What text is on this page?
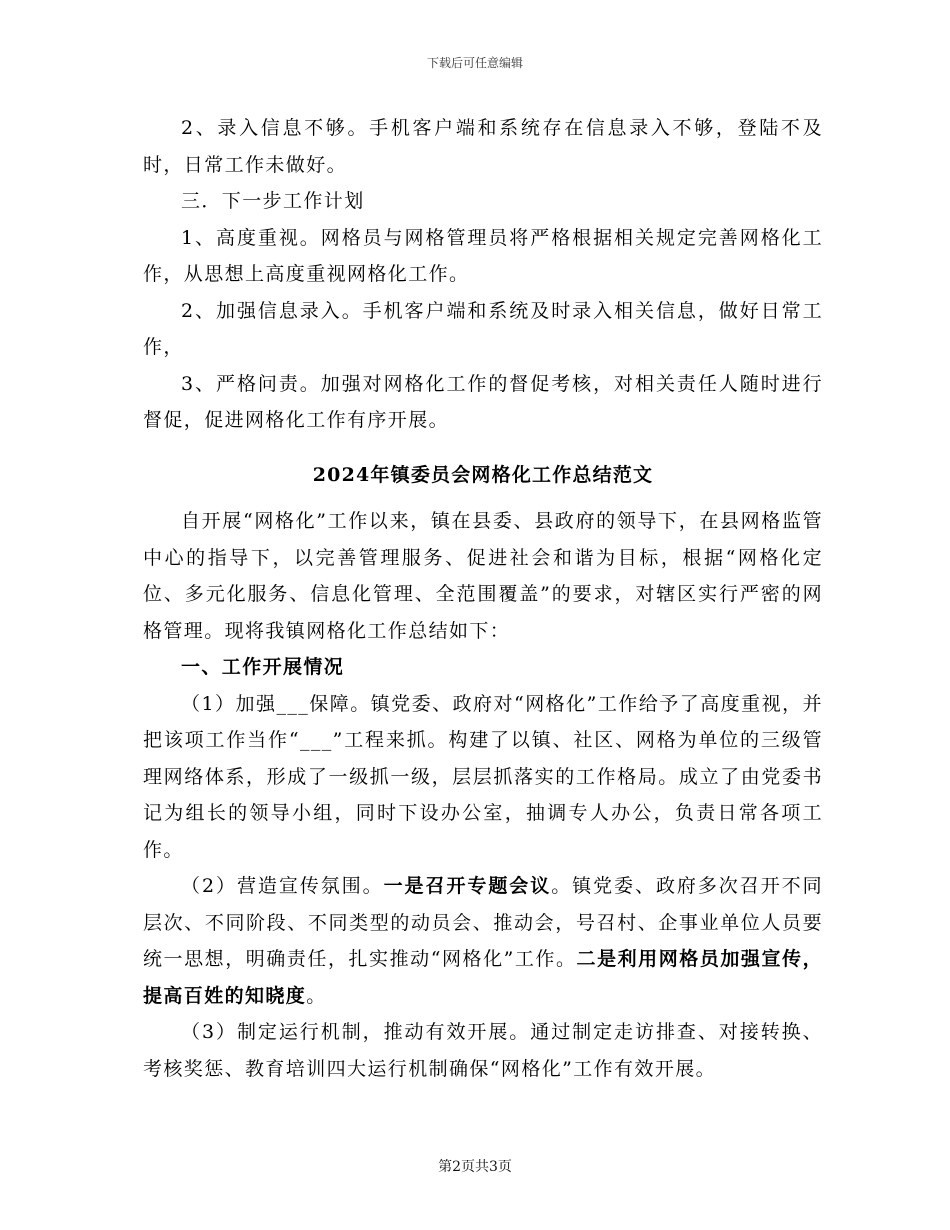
下载后可任意编辑

2、录入信息不够。手机客户端和系统存在信息录入不够，登陆不及时，日常工作未做好。

三．下一步工作计划

1、高度重视。网格员与网格管理员将严格根据相关规定完善网格化工作，从思想上高度重视网格化工作。

2、加强信息录入。手机客户端和系统及时录入相关信息，做好日常工作，

3、严格问责。加强对网格化工作的督促考核，对相关责任人随时进行督促，促进网格化工作有序开展。

2024年镇委员会网格化工作总结范文

自开展“网格化”工作以来，镇在县委、县政府的领导下，在县网格监管中心的指导下，以完善管理服务、促进社会和谐为目标，根据“网格化定位、多元化服务、信息化管理、全范围覆盖”的要求，对辖区实行严密的网格管理。现将我镇网格化工作总结如下：

一、工作开展情况

（1）加强___保障。镇党委、政府对“网格化”工作给予了高度重视，并把该项工作当作“___”工程来抓。构建了以镇、社区、网格为单位的三级管理网络体系，形成了一级抓一级，层层抓落实的工作格局。成立了由党委书记为组长的领导小组，同时下设办公室，抽调专人办公，负责日常各项工作。

（2）营造宣传氛围。一是召开专题会议。镇党委、政府多次召开不同层次、不同阶段、不同类型的动员会、推动会，号召村、企事业单位人员要统一思想，明确责任，扎实推动“网格化”工作。二是利用网格员加强宣传，提高百姓的知晓度。

（3）制定运行机制，推动有效开展。通过制定走访排查、对接转换、考核奖惩、教育培训四大运行机制确保“网格化”工作有效开展。

第2页共3页
